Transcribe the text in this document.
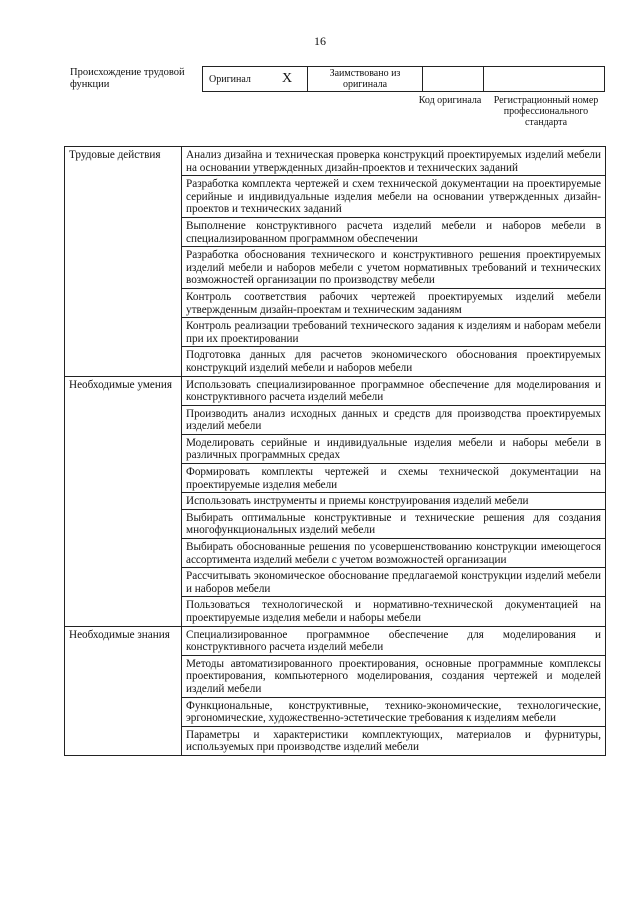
16
Происхождение трудовой функции	Оригинал	X	Заимствовано из оригинала		
Код оригинала	Регистрационный номер профессионального стандарта
Трудовые действия	Анализ дизайна и техническая проверка конструкций проектируемых изделий мебели на основании утвержденных дизайн-проектов и технических заданий
	Разработка комплекта чертежей и схем технической документации на проектируемые серийные и индивидуальные изделия мебели на основании утвержденных дизайн-проектов и технических заданий
	Выполнение конструктивного расчета изделий мебели и наборов мебели в специализированном программном обеспечении
	Разработка обоснования технического и конструктивного решения проектируемых изделий мебели и наборов мебели с учетом нормативных требований и технических возможностей организации по производству мебели
	Контроль соответствия рабочих чертежей проектируемых изделий мебели утвержденным дизайн-проектам и техническим заданиям
	Контроль реализации требований технического задания к изделиям и наборам мебели при их проектировании
	Подготовка данных для расчетов экономического обоснования проектируемых конструкций изделий мебели и наборов мебели
Необходимые умения	Использовать специализированное программное обеспечение для моделирования и конструктивного расчета изделий мебели
	Производить анализ исходных данных и средств для производства проектируемых изделий мебели
	Моделировать серийные и индивидуальные изделия мебели и наборы мебели в различных программных средах
	Формировать комплекты чертежей и схемы технической документации на проектируемые изделия мебели
	Использовать инструменты и приемы конструирования изделий мебели
	Выбирать оптимальные конструктивные и технические решения для создания многофункциональных изделий мебели
	Выбирать обоснованные решения по усовершенствованию конструкции имеющегося ассортимента изделий мебели с учетом возможностей организации
	Рассчитывать экономическое обоснование предлагаемой конструкции изделий мебели и наборов мебели
	Пользоваться технологической и нормативно-технической документацией на проектируемые изделия мебели и наборы мебели
Необходимые знания	Специализированное программное обеспечение для моделирования и конструктивного расчета изделий мебели
	Методы автоматизированного проектирования, основные программные комплексы проектирования, компьютерного моделирования, создания чертежей и моделей изделий мебели
	Функциональные, конструктивные, технико-экономические, технологические, эргономические, художественно-эстетические требования к изделиям мебели
	Параметры и характеристики комплектующих, материалов и фурнитуры, используемых при производстве изделий мебели
